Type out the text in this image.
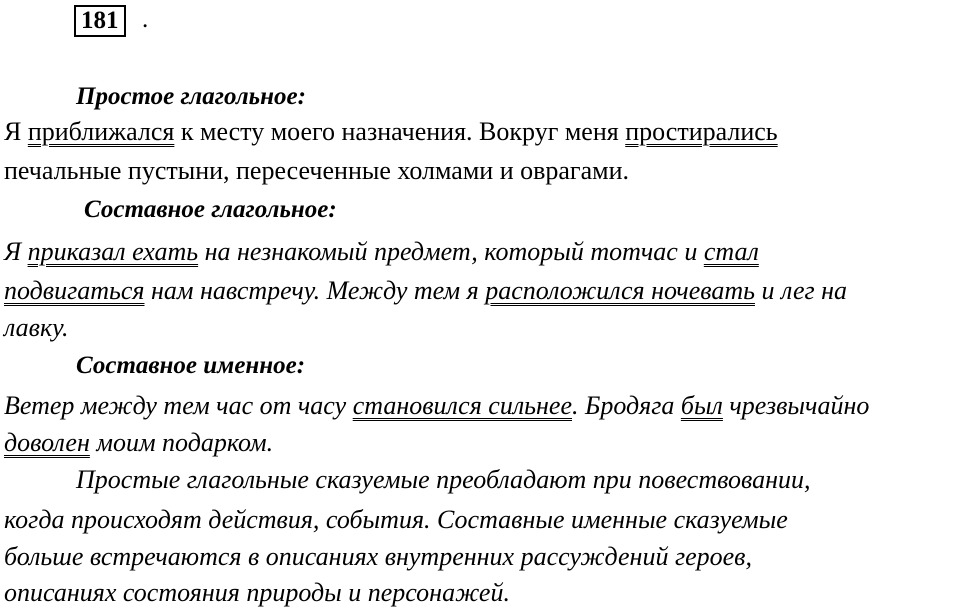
181 .
Простое глагольное:
Я приближался к месту моего назначения. Вокруг меня простирались
печальные пустыни, пересеченные холмами и оврагами.
Составное глагольное:
Я приказал ехать на незнакомый предмет, который тотчас и стал
подвигаться нам навстречу. Между тем я расположился ночевать и лег на
лавку.
Составное именное:
Ветер между тем час от часу становился сильнее. Бродяга был чрезвычайно
доволен моим подарком.
Простые глагольные сказуемые преобладают при повествовании,
когда происходят действия, события. Составные именные сказуемые
больше встречаются в описаниях внутренних рассуждений героев,
описаниях состояния природы и персонажей.
